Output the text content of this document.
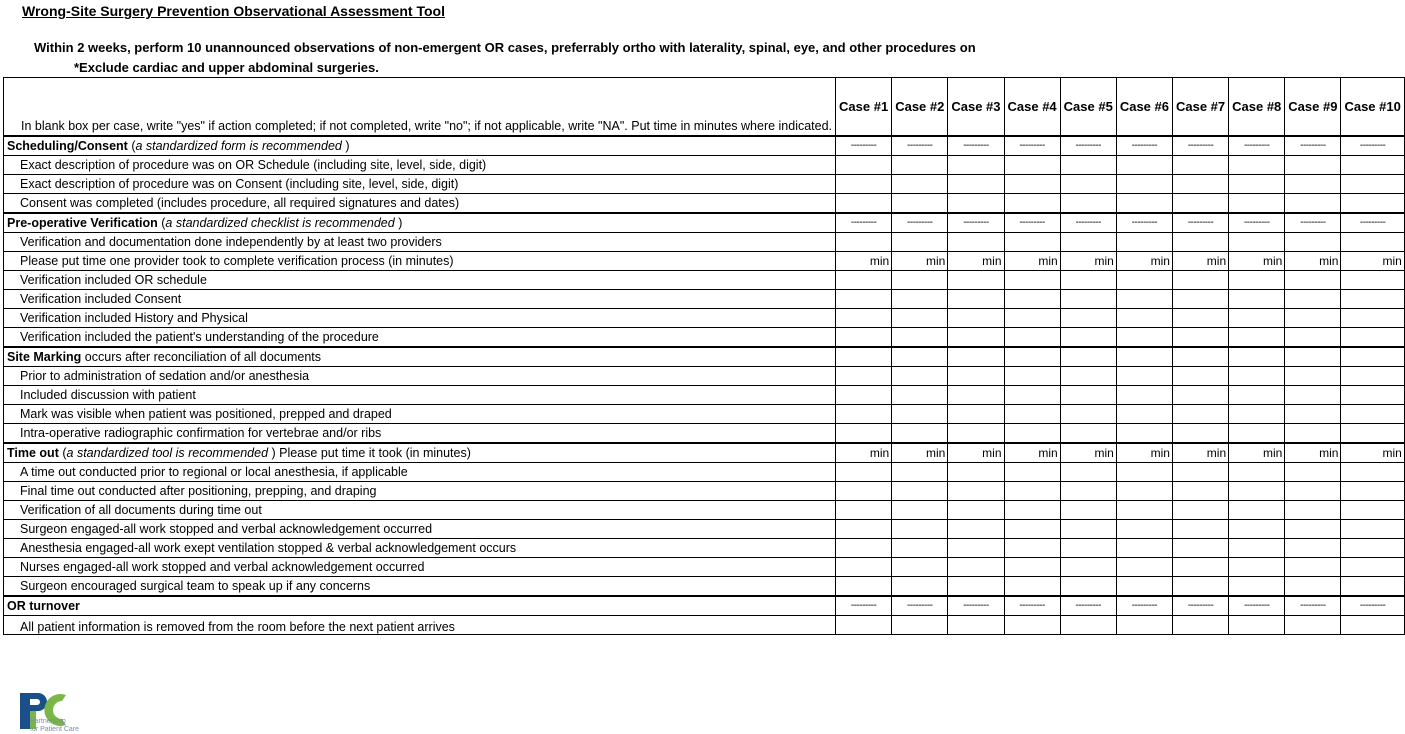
Wrong-Site Surgery Prevention Observational Assessment Tool
Within 2 weeks, perform 10 unannounced observations of non-emergent OR cases, preferrably ortho with laterality, spinal, eye, and other procedures on
*Exclude cardiac and upper abdominal surgeries.
In blank box per case, write "yes" if action completed; if not completed, write "no"; if not applicable, write "NA". Put time in minutes where indicated.	Case #1	Case #2	Case #3	Case #4	Case #5	Case #6	Case #7	Case #8	Case #9	Case #10
Scheduling/Consent (a standardized form is recommended )	---------	---------	---------	---------	---------	---------	---------	---------	---------	---------
Exact description of procedure was on OR Schedule (including site, level, side, digit)										
Exact description of procedure was on Consent (including site, level, side, digit)										
Consent was completed (includes procedure, all required signatures and dates)										
Pre-operative Verification (a standardized checklist is recommended )	---------	---------	---------	---------	---------	---------	---------	---------	---------	---------
Verification and documentation done independently by at least two providers										
Please put time one provider took to complete verification process (in minutes)	min	min	min	min	min	min	min	min	min	min
Verification included OR schedule										
Verification included Consent										
Verification included History and Physical										
Verification included the patient's understanding of the procedure										
Site Marking occurs after reconciliation of all documents										
Prior to administration of sedation and/or anesthesia										
Included discussion with patient										
Mark was visible when patient was positioned, prepped and draped										
Intra-operative radiographic confirmation for vertebrae and/or ribs										
Time out (a standardized tool is recommended ) Please put time it took (in minutes)	min	min	min	min	min	min	min	min	min	min
A time out conducted prior to regional or local anesthesia, if applicable										
Final time out conducted after positioning, prepping, and draping										
Verification of all documents during time out										
Surgeon engaged-all work stopped and verbal acknowledgement occurred										
Anesthesia engaged-all work exept ventilation stopped & verbal acknowledgement occurs										
Nurses engaged-all work stopped and verbal acknowledgement occurred										
Surgeon encouraged surgical team to speak up if any concerns										
OR turnover	---------	---------	---------	---------	---------	---------	---------	---------	---------	---------
All patient information is removed from the room before the next patient arrives										
Partnership
for Patient Care
